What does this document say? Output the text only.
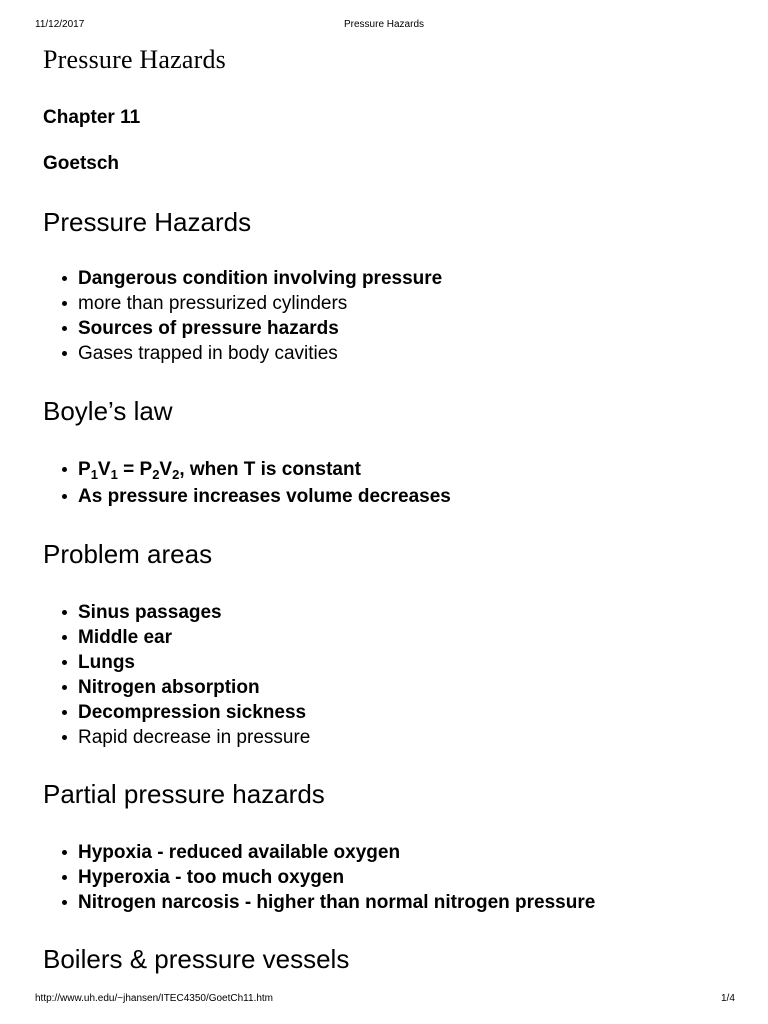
11/12/2017	Pressure Hazards
Pressure Hazards

Chapter 11

Goetsch

Pressure Hazards
Dangerous condition involving pressure
more than pressurized cylinders
Sources of pressure hazards
Gases trapped in body cavities
Boyle’s law
$P_1V_1 = P_2V_2$, when T is constant
As pressure increases volume decreases
Problem areas
Sinus passages
Middle ear
Lungs
Nitrogen absorption
Decompression sickness
Rapid decrease in pressure
Partial pressure hazards
Hypoxia - reduced available oxygen
Hyperoxia - too much oxygen
Nitrogen narcosis - higher than normal nitrogen pressure
Boilers & pressure vessels
http://www.uh.edu/~jhansen/ITEC4350/GoetCh11.htm	1/4
